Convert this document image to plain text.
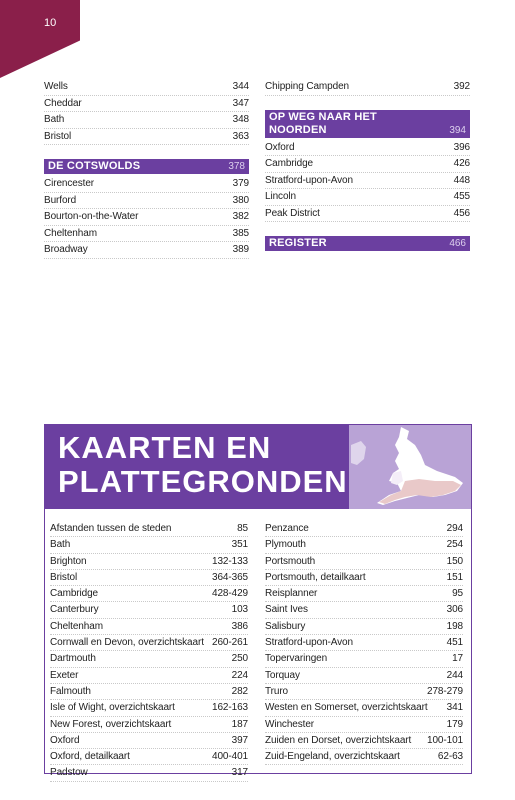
10
Wells	344
Cheddar	347
Bath	348
Bristol	363
DE COTSWOLDS	378
Cirencester	379
Burford	380
Bourton-on-the-Water	382
Cheltenham	385
Broadway	389
Chipping Campden	392
OP WEG NAAR HET NOORDEN	394
Oxford	396
Cambridge	426
Stratford-upon-Avon	448
Lincoln	455
Peak District	456
REGISTER	466
KAARTEN EN
PLATTEGRONDEN
Afstanden tussen de steden	85
Bath	351
Brighton	132-133
Bristol	364-365
Cambridge	428-429
Canterbury	103
Cheltenham	386
Cornwall en Devon, overzichtskaart 260-261
Dartmouth	250
Exeter	224
Falmouth	282
Isle of Wight, overzichtskaart	162-163
New Forest, overzichtskaart	187
Oxford	397
Oxford, detailkaart	400-401
Padstow	317
Penzance	294
Plymouth	254
Portsmouth	150
Portsmouth, detailkaart	151
Reisplanner	95
Saint Ives	306
Salisbury	198
Stratford-upon-Avon	451
Topervaringen	17
Torquay	244
Truro	278-279
Westen en Somerset, overzichtskaart 341
Winchester	179
Zuiden en Dorset, overzichtskaart 100-101
Zuid-Engeland, overzichtskaart	62-63
